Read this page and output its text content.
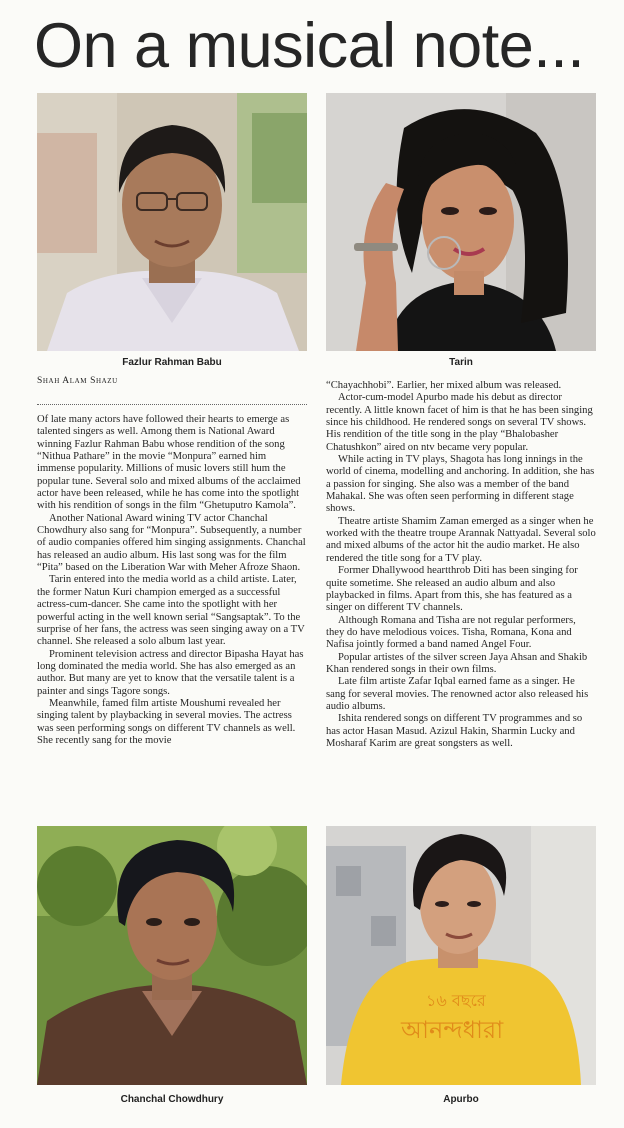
On a musical note...
Fazlur Rahman Babu	Tarin
Shah Alam Shazu

Of late many actors have followed their hearts to emerge as talented singers as well. Among them is National Award winning Fazlur Rahman Babu whose rendition of the song “Nithua Pathare” in the movie “Monpura” earned him immense popularity. Millions of music lovers still hum the popular tune. Several solo and mixed albums of the acclaimed actor have been released, while he has come into the spotlight with his rendition of songs in the film “Ghetuputro Kamola”.

Another National Award wining TV actor Chanchal Chowdhury also sang for “Monpura”. Subsequently, a number of audio companies offered him singing assignments. Chanchal has released an audio album. His last song was for the film “Pita” based on the Liberation War with Meher Afroze Shaon.

Tarin entered into the media world as a child artiste. Later, the former Natun Kuri champion emerged as a successful actress-cum-dancer. She came into the spotlight with her powerful acting in the well known serial “Sangsaptak”. To the surprise of her fans, the actress was seen singing away on a TV channel. She released a solo album last year.

Prominent television actress and director Bipasha Hayat has long dominated the media world. She has also emerged as an author. But many are yet to know that the versatile talent is a painter and sings Tagore songs.

Meanwhile, famed film artiste Moushumi revealed her singing talent by playbacking in several movies. The actress was seen performing songs on different TV channels as well. She recently sang for the movie

“Chayachhobi”. Earlier, her mixed album was released.

Actor-cum-model Apurbo made his debut as director recently. A little known facet of him is that he has been singing since his childhood. He rendered songs on several TV shows. His rendition of the title song in the play “Bhalobasher Chatushkon” aired on ntv became very popular.

While acting in TV plays, Shagota has long innings in the world of cinema, modelling and anchoring. In addition, she has a passion for singing. She also was a member of the band Mahakal. She was often seen performing in different stage shows.

Theatre artiste Shamim Zaman emerged as a singer when he worked with the theatre troupe Arannak Nattyadal. Several solo and mixed albums of the actor hit the audio market. He also rendered the title song for a TV play.

Former Dhallywood heartthrob Diti has been singing for quite sometime. She released an audio album and also playbacked in films. Apart from this, she has featured as a singer on different TV channels.

Although Romana and Tisha are not regular performers, they do have melodious voices. Tisha, Romana, Kona and Nafisa jointly formed a band named Angel Four.

Popular artistes of the silver screen Jaya Ahsan and Shakib Khan rendered songs in their own films.

Late film artiste Zafar Iqbal earned fame as a singer. He sang for several movies. The renowned actor also released his audio albums.

Ishita rendered songs on different TV programmes and so has actor Hasan Masud. Azizul Hakin, Sharmin Lucky and Mosharaf Karim are great songsters as well.

Chanchal Chowdhury
১৬ বছরে
আনন্দধারা
Apurbo
